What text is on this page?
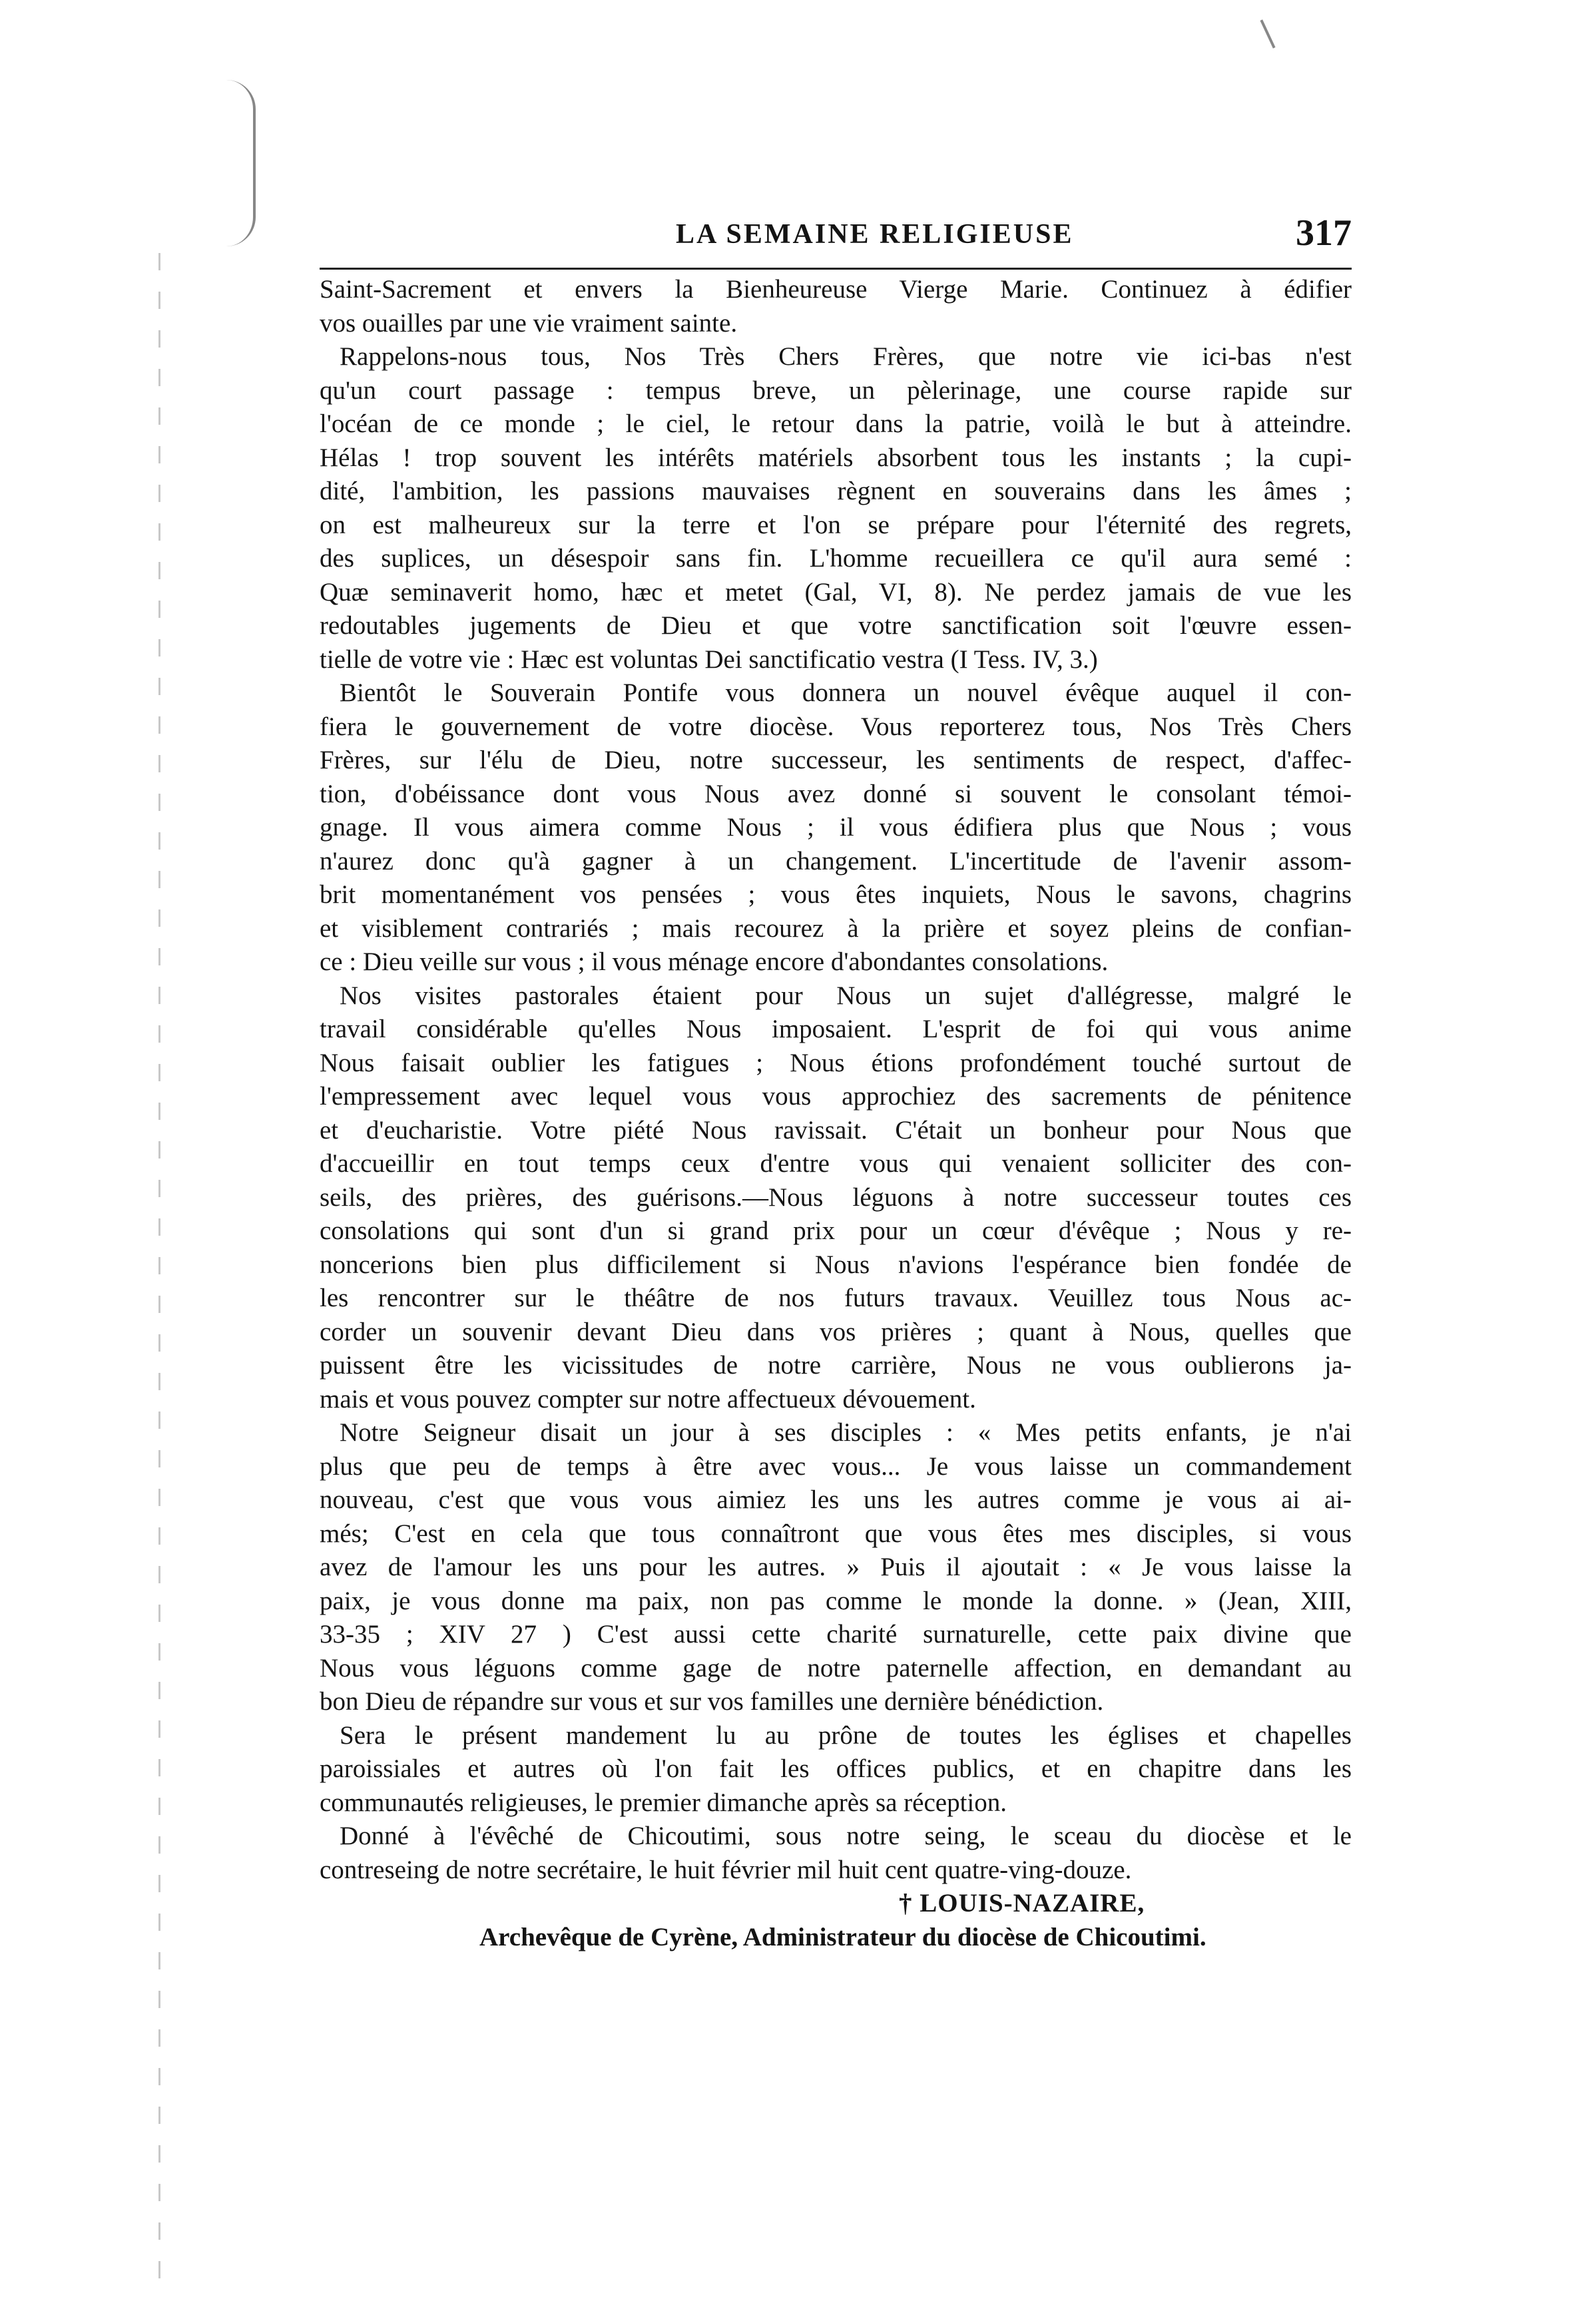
LA SEMAINE RELIGIEUSE	317
Saint-Sacrement et envers la Bienheureuse Vierge Marie. Continuez à édifier
vos ouailles par une vie vraiment sainte.
Rappelons-nous tous, Nos Très Chers Frères, que notre vie ici-bas n'est
qu'un court passage : tempus breve, un pèlerinage, une course rapide sur
l'océan de ce monde ; le ciel, le retour dans la patrie, voilà le but à atteindre.
Hélas ! trop souvent les intérêts matériels absorbent tous les instants ; la cupi-
dité, l'ambition, les passions mauvaises règnent en souverains dans les âmes ;
on est malheureux sur la terre et l'on se prépare pour l'éternité des regrets,
des suplices, un désespoir sans fin. L'homme recueillera ce qu'il aura semé :
Quæ seminaverit homo, hæc et metet (Gal, VI, 8). Ne perdez jamais de vue les
redoutables jugements de Dieu et que votre sanctification soit l'œuvre essen-
tielle de votre vie : Hæc est voluntas Dei sanctificatio vestra (I Tess. IV, 3.)
Bientôt le Souverain Pontife vous donnera un nouvel évêque auquel il con-
fiera le gouvernement de votre diocèse. Vous reporterez tous, Nos Très Chers
Frères, sur l'élu de Dieu, notre successeur, les sentiments de respect, d'affec-
tion, d'obéissance dont vous Nous avez donné si souvent le consolant témoi-
gnage. Il vous aimera comme Nous ; il vous édifiera plus que Nous ; vous
n'aurez donc qu'à gagner à un changement. L'incertitude de l'avenir assom-
brit momentanément vos pensées ; vous êtes inquiets, Nous le savons, chagrins
et visiblement contrariés ; mais recourez à la prière et soyez pleins de confian-
ce : Dieu veille sur vous ; il vous ménage encore d'abondantes consolations.
Nos visites pastorales étaient pour Nous un sujet d'allégresse, malgré le
travail considérable qu'elles Nous imposaient. L'esprit de foi qui vous anime
Nous faisait oublier les fatigues ; Nous étions profondément touché surtout de
l'empressement avec lequel vous vous approchiez des sacrements de pénitence
et d'eucharistie. Votre piété Nous ravissait. C'était un bonheur pour Nous que
d'accueillir en tout temps ceux d'entre vous qui venaient solliciter des con-
seils, des prières, des guérisons.—Nous léguons à notre successeur toutes ces
consolations qui sont d'un si grand prix pour un cœur d'évêque ; Nous y re-
noncerions bien plus difficilement si Nous n'avions l'espérance bien fondée de
les rencontrer sur le théâtre de nos futurs travaux. Veuillez tous Nous ac-
corder un souvenir devant Dieu dans vos prières ; quant à Nous, quelles que
puissent être les vicissitudes de notre carrière, Nous ne vous oublierons ja-
mais et vous pouvez compter sur notre affectueux dévouement.
Notre Seigneur disait un jour à ses disciples : « Mes petits enfants, je n'ai
plus que peu de temps à être avec vous... Je vous laisse un commandement
nouveau, c'est que vous vous aimiez les uns les autres comme je vous ai ai-
més; C'est en cela que tous connaîtront que vous êtes mes disciples, si vous
avez de l'amour les uns pour les autres. » Puis il ajoutait : « Je vous laisse la
paix, je vous donne ma paix, non pas comme le monde la donne. » (Jean, XIII,
33-35 ; XIV 27 ) C'est aussi cette charité surnaturelle, cette paix divine que
Nous vous léguons comme gage de notre paternelle affection, en demandant au
bon Dieu de répandre sur vous et sur vos familles une dernière bénédiction.
Sera le présent mandement lu au prône de toutes les églises et chapelles
paroissiales et autres où l'on fait les offices publics, et en chapitre dans les
communautés religieuses, le premier dimanche après sa réception.
Donné à l'évêché de Chicoutimi, sous notre seing, le sceau du diocèse et le
contreseing de notre secrétaire, le huit février mil huit cent quatre-ving-douze.
† LOUIS-NAZAIRE,
Archevêque de Cyrène, Administrateur du diocèse de Chicoutimi.
